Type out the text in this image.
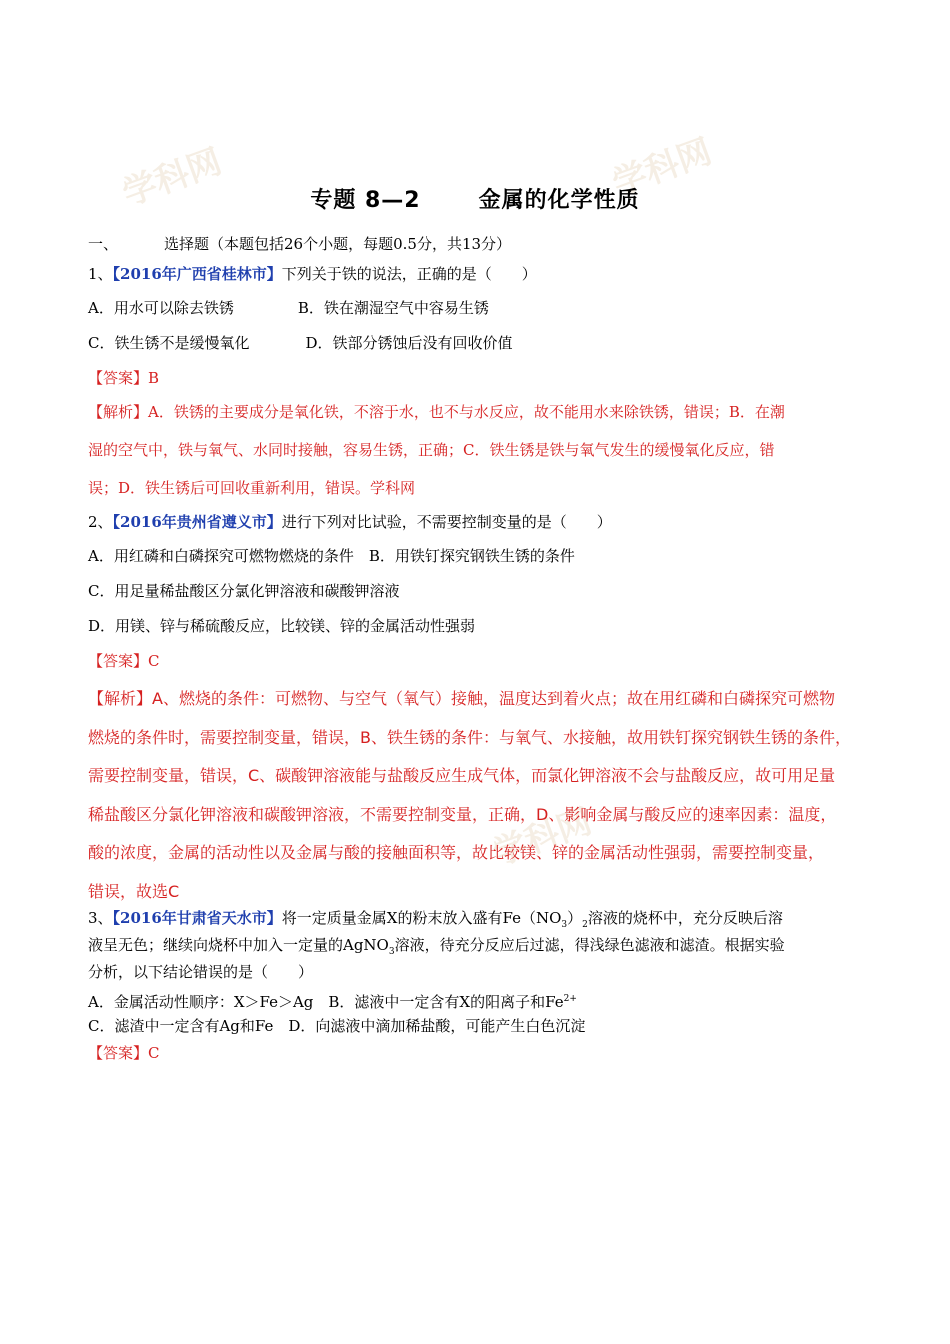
学科网	学科网
学科网
专题 8—2	金属的化学性质
一、	选择题（本题包括26个小题，每题0.5分，共13分）
1、【2016年广西省桂林市】下列关于铁的说法，正确的是（　　）
A．用水可以除去铁锈	B．铁在潮湿空气中容易生锈
C．铁生锈不是缓慢氧化	D．铁部分锈蚀后没有回收价值
【答案】B
【解析】A．铁锈的主要成分是氧化铁，不溶于水，也不与水反应，故不能用水来除铁锈，错误；B．在潮
湿的空气中，铁与氧气、水同时接触，容易生锈，正确；C．铁生锈是铁与氧气发生的缓慢氧化反应，错
误；D．铁生锈后可回收重新利用，错误。学科网
2、【2016年贵州省遵义市】进行下列对比试验，不需要控制变量的是（　　）
A．用红磷和白磷探究可燃物燃烧的条件　B．用铁钉探究钢铁生锈的条件
C．用足量稀盐酸区分氯化钾溶液和碳酸钾溶液
D．用镁、锌与稀硫酸反应，比较镁、锌的金属活动性强弱
【答案】C
【解析】A、燃烧的条件：可燃物、与空气（氧气）接触，温度达到着火点；故在用红磷和白磷探究可燃物
燃烧的条件时，需要控制变量，错误，B、铁生锈的条件：与氧气、水接触，故用铁钉探究钢铁生锈的条件，
需要控制变量，错误，C、碳酸钾溶液能与盐酸反应生成气体，而氯化钾溶液不会与盐酸反应，故可用足量
稀盐酸区分氯化钾溶液和碳酸钾溶液，不需要控制变量，正确，D、影响金属与酸反应的速率因素：温度，
酸的浓度，金属的活动性以及金属与酸的接触面积等，故比较镁、锌的金属活动性强弱，需要控制变量，
错误，故选C
3、【2016年甘肃省天水市】将一定质量金属X的粉末放入盛有$Fe(NO_3)_2$溶液的烧杯中，充分反映后溶
液呈无色；继续向烧杯中加入一定量的AgNO$_3$溶液，待充分反应后过滤，得浅绿色滤液和滤渣。根据实验
分析，以下结论错误的是（　　）
A．金属活动性顺序：X＞Fe＞Ag　B．滤液中一定含有X的阳离子和$Fe^{2+}$
C．滤渣中一定含有Ag和Fe　D．向滤液中滴加稀盐酸，可能产生白色沉淀
【答案】C
